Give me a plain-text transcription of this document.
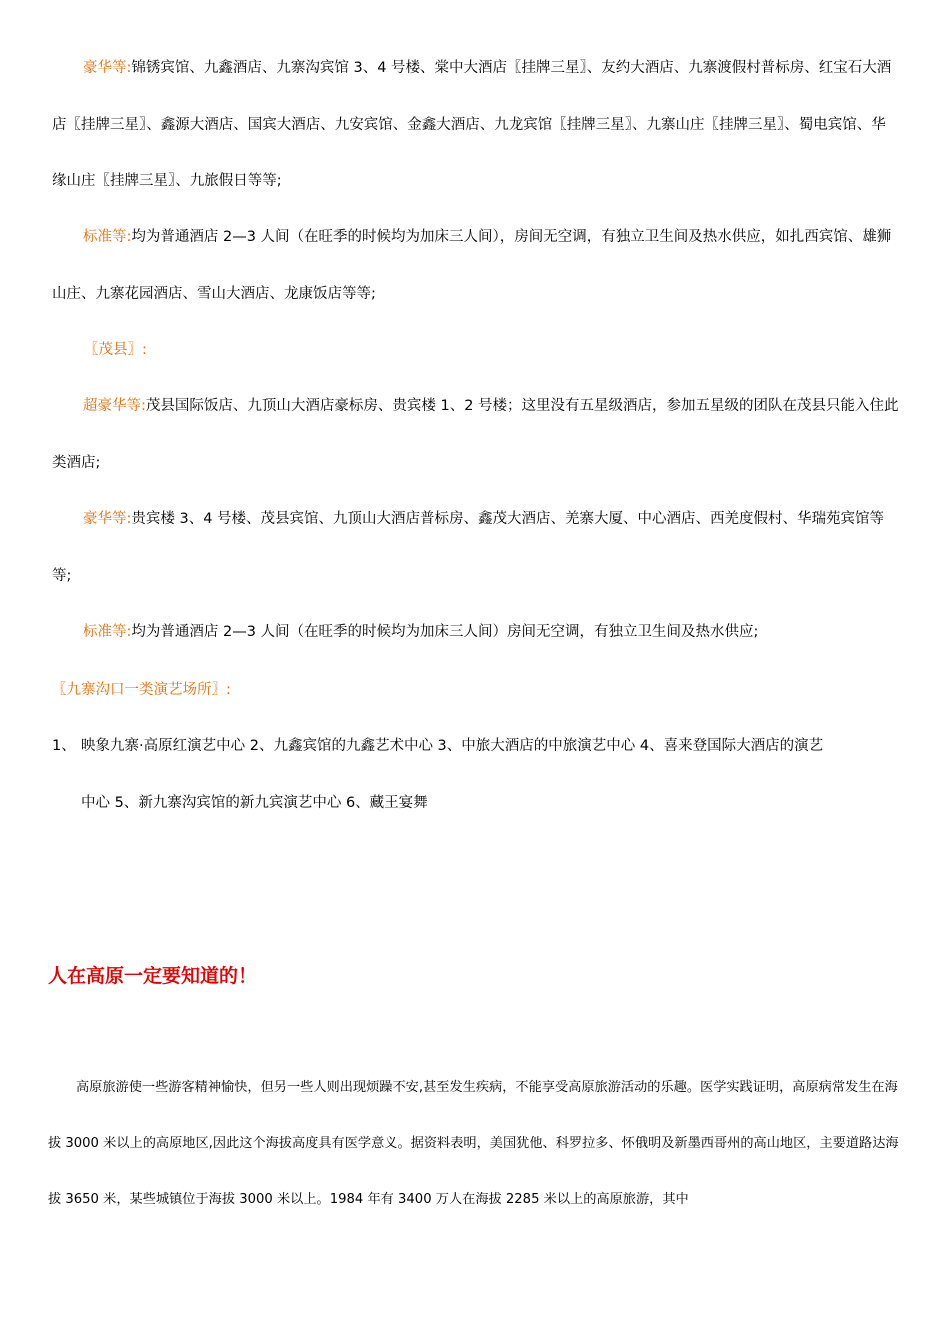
豪华等:锦锈宾馆、九鑫酒店、九寨沟宾馆 3、4 号楼、棠中大酒店〖挂牌三星〗、友约大酒店、九寨渡假村普标房、红宝石大酒店〖挂牌三星〗、鑫源大酒店、国宾大酒店、九安宾馆、金鑫大酒店、九龙宾馆〖挂牌三星〗、九寨山庄〖挂牌三星〗、蜀电宾馆、华缘山庄〖挂牌三星〗、九旅假日等等;

标准等:均为普通酒店 2—3 人间（在旺季的时候均为加床三人间），房间无空调，有独立卫生间及热水供应，如扎西宾馆、雄狮山庄、九寨花园酒店、雪山大酒店、龙康饭店等等;

〖茂县〗:

超豪华等:茂县国际饭店、九顶山大酒店豪标房、贵宾楼 1、2 号楼；这里没有五星级酒店，参加五星级的团队在茂县只能入住此类酒店;

豪华等:贵宾楼 3、4 号楼、茂县宾馆、九顶山大酒店普标房、鑫茂大酒店、羌寨大厦、中心酒店、西羌度假村、华瑞苑宾馆等等;

标准等:均为普通酒店 2—3 人间（在旺季的时候均为加床三人间）房间无空调，有独立卫生间及热水供应;

〖九寨沟口一类演艺场所〗:

1、 映象九寨·高原红演艺中心 2、九鑫宾馆的九鑫艺术中心 3、中旅大酒店的中旅演艺中心 4、喜来登国际大酒店的演艺
中心 5、新九寨沟宾馆的新九宾演艺中心 6、藏王宴舞
人在高原一定要知道的！

高原旅游使一些游客精神愉快，但另一些人则出现烦躁不安,甚至发生疾病，不能享受高原旅游活动的乐趣。医学实践证明，高原病常发生在海拔 3000 米以上的高原地区,因此这个海拔高度具有医学意义。据资料表明，美国犹他、科罗拉多、怀俄明及新墨西哥州的高山地区，主要道路达海拔 3650 米，某些城镇位于海拔 3000 米以上。1984 年有 3400 万人在海拔 2285 米以上的高原旅游，其中
